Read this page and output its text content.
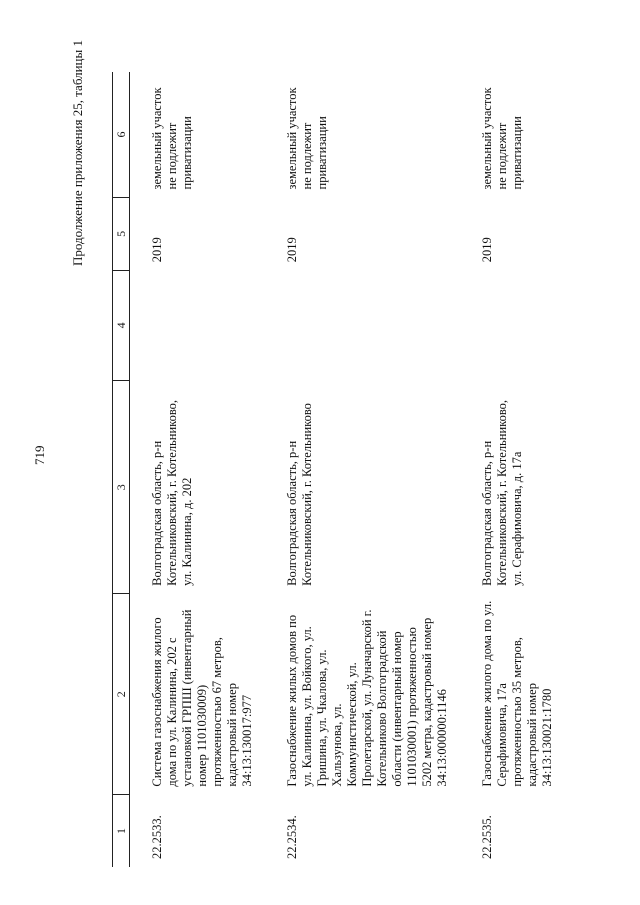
719
Продолжение приложения 25, таблицы 1
1	2	3	4	5	6
22.2533.	Система газоснабжения жилого дома по ул. Калинина, 202 с установкой ГРПШ (инвентарный номер 1101030009) протяженностью 67 метров, кадастровый номер 34:13:130017:977	Волгоградская область, р-н Котельниковский, г. Котельниково, ул. Калинина, д. 202		2019	земельный участок не подлежит приватизации
22.2534.	Газоснабжение жилых домов по ул. Калинина, ул. Войкого, ул. Гришина, ул. Чкалова, ул. Хальзунова, ул. Коммунистической, ул. Пролетарской, ул. Луначарской г. Котельниково Волгоградской области (инвентарный номер 1101030001) протяженностью 5202 метра, кадастровый номер 34:13:000000:1146	Волгоградская область, р-н Котельниковский, г. Котельниково		2019	земельный участок не подлежит приватизации
22.2535.	Газоснабжение жилого дома по ул. Серафимовича, 17а протяженностью 35 метров, кадастровый номер 34:13:130021:1780	Волгоградская область, р-н Котельниковский, г. Котельниково, ул. Серафимовича, д. 17а		2019	земельный участок не подлежит приватизации
